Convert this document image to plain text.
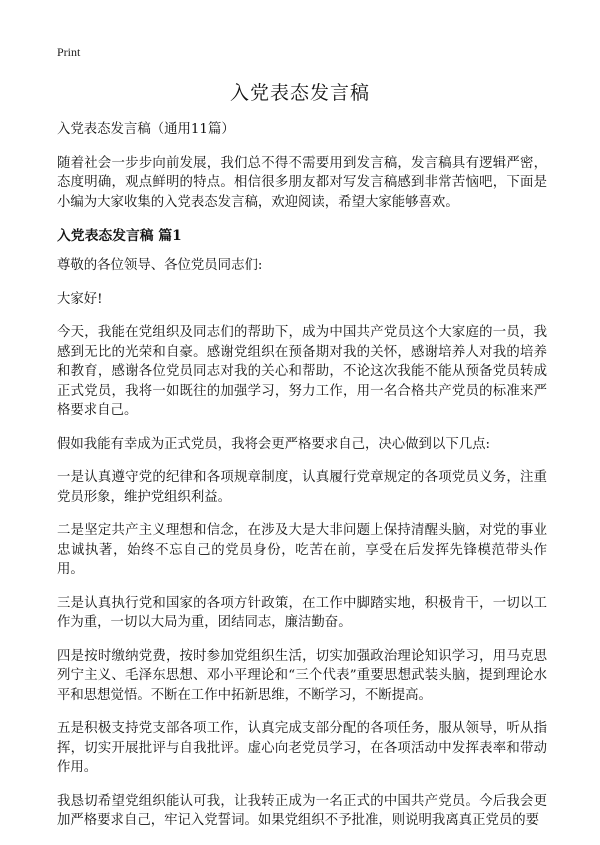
Print
入党表态发言稿

入党表态发言稿（通用11篇）

随着社会一步步向前发展，我们总不得不需要用到发言稿，发言稿具有逻辑严密，态度明确，观点鲜明的特点。相信很多朋友都对写发言稿感到非常苦恼吧，下面是小编为大家收集的入党表态发言稿，欢迎阅读，希望大家能够喜欢。

入党表态发言稿 篇1

尊敬的各位领导、各位党员同志们:

大家好!

今天，我能在党组织及同志们的帮助下，成为中国共产党员这个大家庭的一员，我感到无比的光荣和自豪。感谢党组织在预备期对我的关怀，感谢培养人对我的培养和教育，感谢各位党员同志对我的关心和帮助，不论这次我能不能从预备党员转成正式党员，我将一如既往的加强学习，努力工作，用一名合格共产党员的标准来严格要求自己。

假如我能有幸成为正式党员，我将会更严格要求自己，决心做到以下几点:

一是认真遵守党的纪律和各项规章制度，认真履行党章规定的各项党员义务，注重党员形象，维护党组织利益。

二是坚定共产主义理想和信念，在涉及大是大非问题上保持清醒头脑，对党的事业忠诚执著，始终不忘自己的党员身份，吃苦在前，享受在后发挥先锋模范带头作用。

三是认真执行党和国家的各项方针政策，在工作中脚踏实地，积极肯干，一切以工作为重，一切以大局为重，团结同志，廉洁勤奋。

四是按时缴纳党费，按时参加党组织生活，切实加强政治理论知识学习，用马克思列宁主义、毛泽东思想、邓小平理论和“三个代表”重要思想武装头脑，提到理论水平和思想觉悟。不断在工作中拓新思维，不断学习，不断提高。

五是积极支持党支部各项工作，认真完成支部分配的各项任务，服从领导，听从指挥，切实开展批评与自我批评。虚心向老党员学习，在各项活动中发挥表率和带动作用。

我恳切希望党组织能认可我，让我转正成为一名正式的中国共产党员。今后我会更加严格要求自己，牢记入党誓词。如果党组织不予批准，则说明我离真正党员的要
